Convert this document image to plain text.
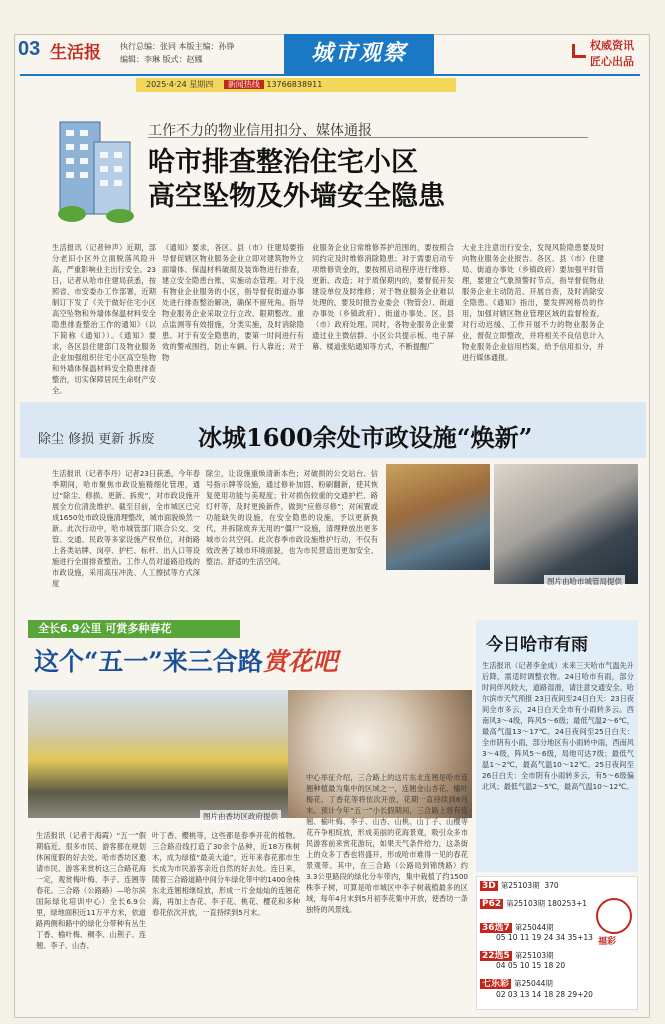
03 生活报 执行总编：张同 本版主编：孙铮
编辑：李琳 版式：赵娜	城市观察	权威资讯
匠心出品
2025·4·24 星期四 新闻热线 13766838911
工作不力的物业信用扣分、媒体通报
哈市排查整治住宅小区
高空坠物及外墙安全隐患
生活报讯（记者钟声）近期，部分老旧小区外立面脱落风险升高，严重影响业主出行安全。23日，记者从哈市住建局获悉，按照省、市安委办工作部署，近期制订下发了《关于做好住宅小区高空坠物和外墙体保温材料安全隐患排查整治工作的通知》（以下简称《通知》）。《通知》要求，各区县住建部门及物业服务企业加强组织住宅小区高空坠物和外墙体保温材料安全隐患排查整治，切实保障居民生命财产安全。
《通知》要求，各区、县（市）住建局要指导督促辖区物业服务企业立即对建筑物外立面墙体、保温材料破损及装饰物进行排查，建立安全隐患台账，实施动态管理。对于没有物业企业服务的小区，指导督促街道办事处进行排查整治解决，确保不留死角。指导物业服务企业采取立行立改、限期整改、重点监测等有效措施，分类实施，及时消除隐患。对于有安全隐患的，要第一时间进行有效的警戒围挡，防止车辆、行人靠近；对于物
业服务企业日常维修养护范围的，要按照合同约定及时维修消除隐患；对于需要启动专项维修资金的，要按照启动程序进行维修、更新、改造；对于质保期内的，要督促开发建设单位及时维修；对于物业服务企业难以处理的，要及时报告业委会（物管会）、街道办事处（乡镇政府）、街道办事处、区、县（市）政府处理。同时，各物业服务企业要通过业主微信群、小区公共提示板、电子屏幕、楼道张贴通知等方式，不断提醒广
大业主注意出行安全，发现风险隐患要及时向物业服务企业报告。各区、县（市）住建局、街道办事处（乡镇政府）要加强平时管理，要建立气象预警时节点，指导督促物业服务企业主动防范、开展自查，及时消除安全隐患。《通知》指出，要发挥网格员的作用，加强对辖区物业管理区域的监督检查，对行动迟缓、工作开展不力的物业服务企业，督促立即整改，并将相关不良信息计入物业服务企业信用档案，给予信用扣分，并进行媒体通报。
除尘 修损 更新 拆废 冰城1600余处市政设施“焕新”
生活报讯（记者李丹）记者23日获悉，今年春季期间，哈市聚焦市政设施精细化管理，通过“除尘、修损、更新、拆废”，对市政设施开展全方位清洗维护。截至目前，全市城区已完成1650处市政设施清理整改，城市面貌焕然一新。此次行动中，哈市城管部门联合公交、交管、交通、民政等多家设施产权单位，对街路上各类站牌、岗亭、护栏、标杆、出入口等设施进行全面排查整治。工作人员对道路沿线的市政设施，采用高压冲洗、人工擦拭等方式深度
除尘，让设施重焕清新本色；对破损的公交站台、信号指示牌等设施，通过修补加固、粉刷翻新，使其恢复使用功能与美观度；针对损伤较重的交通护栏、路灯杆等，及时更换新件，做到“应修尽修”；对闲置或功能缺失的设施，在安全隐患的设施，予以更新换代，并拆除废弃无用的“僵尸”设施，清理释放出更多城市公共空间。此次春季市政设施维护行动，不仅有效改善了城市环境面貌，也为市民营造出更加安全、整洁、舒适的生活空间。
图片由哈市城管局提供
全长6.9公里 可赏多种春花
这个“五一”来三合路赏花吧
图片由香坊区政府提供
生活报讯（记者于海霞）“五一”假期临近，很多市民、游客都在规划休闲度假的好去处。哈市香坊区邀请市民、游客来赏析这三合路花海一定，观赏梅叶梅、李子、连翘等春花。三合路（公路路）—哈尔滨国际绿化培训中心）全长6.9公里，绿地面积近11万平方米，依道路两侧和路中的绿化分带种有丛生丁香、榆叶梅、稠李、山荆子、连翘、李子、山杏、
叶丁香、樱桃等，这些都是春季开花的植物。三合路沿线打造了30余个品种，近18万株树木，成为绿植“最美大道”，近年来春花都市生长成为市民游客亲近自然的好去处。连日来，随着三合路道路中间分车绿化带中的1400余株东北连翘相继绽放，形成一片金灿灿的连翘花海，再加上杏花、李子花、桃花、樱花和多种春花依次开放，一直持续到5月末。
中心举征介绍，三合路上的这片东北连翘是哈市连翘种植最为集中的区域之一，连翘金山杏花、榆叶梅花、丁香花等将依次开放，花期一直持续到6月末。预计今年“五一”小长假期间，三合路上将有连翘、榆叶梅、李子、山杏、山桃、山丁子、山樱等花卉争相绽放，形成美丽的花海景观，吸引众多市民游客前来赏花游玩，如果天气条件给力，这条街上的众多丁香也将盛开，形成哈市难得一见的春花景观带。其中，在三合路（公路局到锦绣路）约3.3公里路段的绿化分车带内，集中栽植了约1500株李子树，可算是哈市城区中李子树栽植最多的区域，每年4月末到5月初李花集中开放，使香坊一条独特的风景线。
今日哈市有雨
生活报讯（记者李金成）未来三天哈市气温先升后降，需适时调整衣物。24日哈市有雨，部分时间伴风较大，道路湿滑，请注意交通安全。哈尔滨市天气预报 23日夜间至24日白天：23日夜间全市多云，24日白天全市有小雨转多云。西南风3～4级，阵风5～6级；最低气温2～6℃，最高气温13～17℃。24日夜间至25日白天：全市阴有小雨，部分地区有小雨转中雨，西南风3～4级，阵风5～6级，局地可达7级；最低气温1～2℃，最高气温10～12℃。25日夜间至26日白天：全市阴有小雨转多云，有5～6级偏北风；最低气温2～5℃，最高气温10～12℃。
福彩
3D 第25103期 370
P62 第25103期 180253+1
36选7 第25044期
05 10 11 19 24 34 35+13
22选5 第25103期
04 05 10 15 18 20
七乐彩 第25044期
02 03 13 14 18 28 29+20
